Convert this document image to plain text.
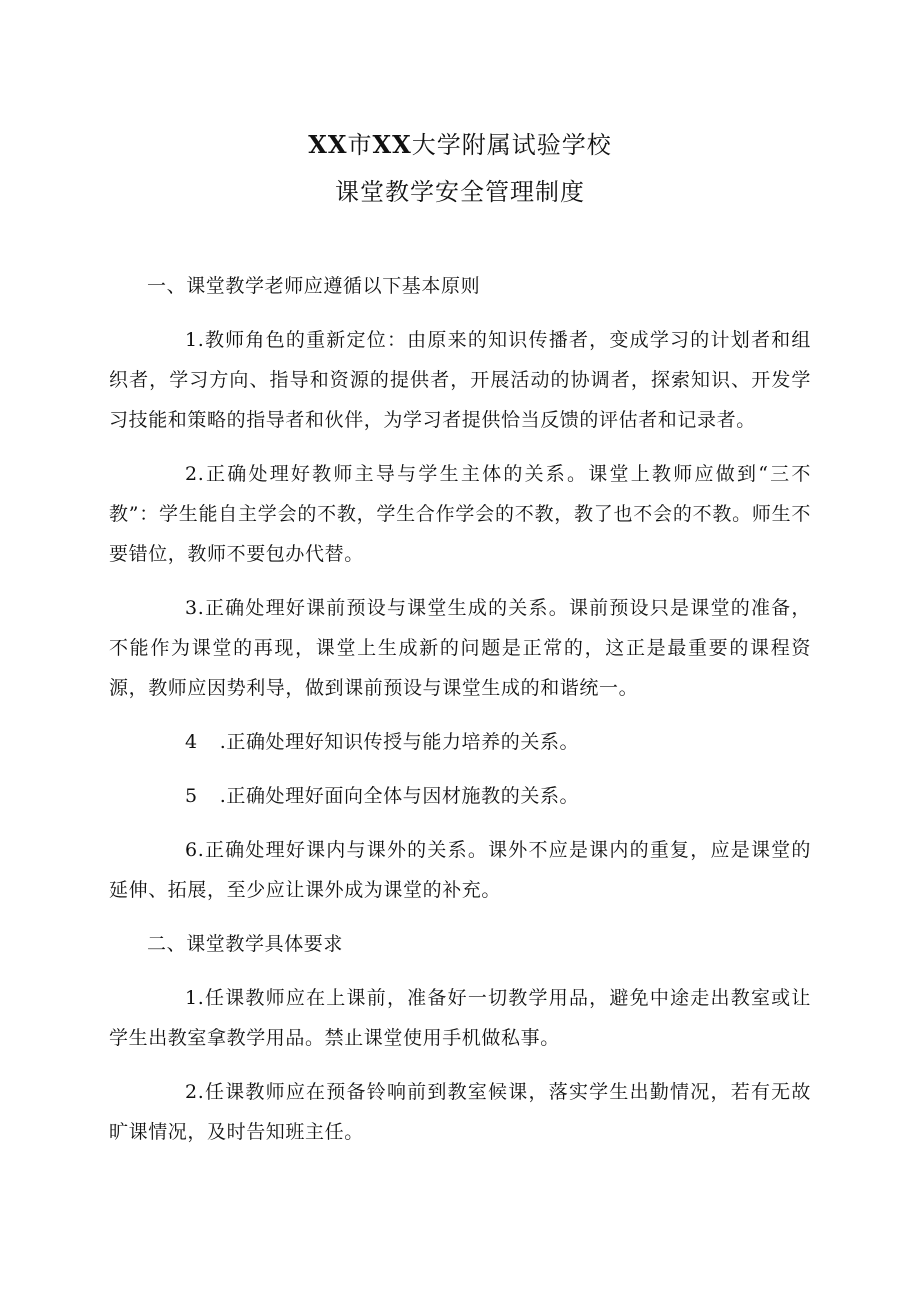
XX市XX大学附属试验学校
课堂教学安全管理制度

一、课堂教学老师应遵循以下基本原则

1.教师角色的重新定位：由原来的知识传播者，变成学习的计划者和组织者，学习方向、指导和资源的提供者，开展活动的协调者，探索知识、开发学习技能和策略的指导者和伙伴，为学习者提供恰当反馈的评估者和记录者。

2.正确处理好教师主导与学生主体的关系。课堂上教师应做到“三不教”：学生能自主学会的不教，学生合作学会的不教，教了也不会的不教。师生不要错位，教师不要包办代替。

3.正确处理好课前预设与课堂生成的关系。课前预设只是课堂的准备，不能作为课堂的再现，课堂上生成新的问题是正常的，这正是最重要的课程资源，教师应因势利导，做到课前预设与课堂生成的和谐统一。

4 .正确处理好知识传授与能力培养的关系。

5 .正确处理好面向全体与因材施教的关系。

6.正确处理好课内与课外的关系。课外不应是课内的重复，应是课堂的延伸、拓展，至少应让课外成为课堂的补充。

二、课堂教学具体要求

1.任课教师应在上课前，准备好一切教学用品，避免中途走出教室或让学生出教室拿教学用品。禁止课堂使用手机做私事。

2.任课教师应在预备铃响前到教室候课，落实学生出勤情况，若有无故旷课情况，及时告知班主任。
